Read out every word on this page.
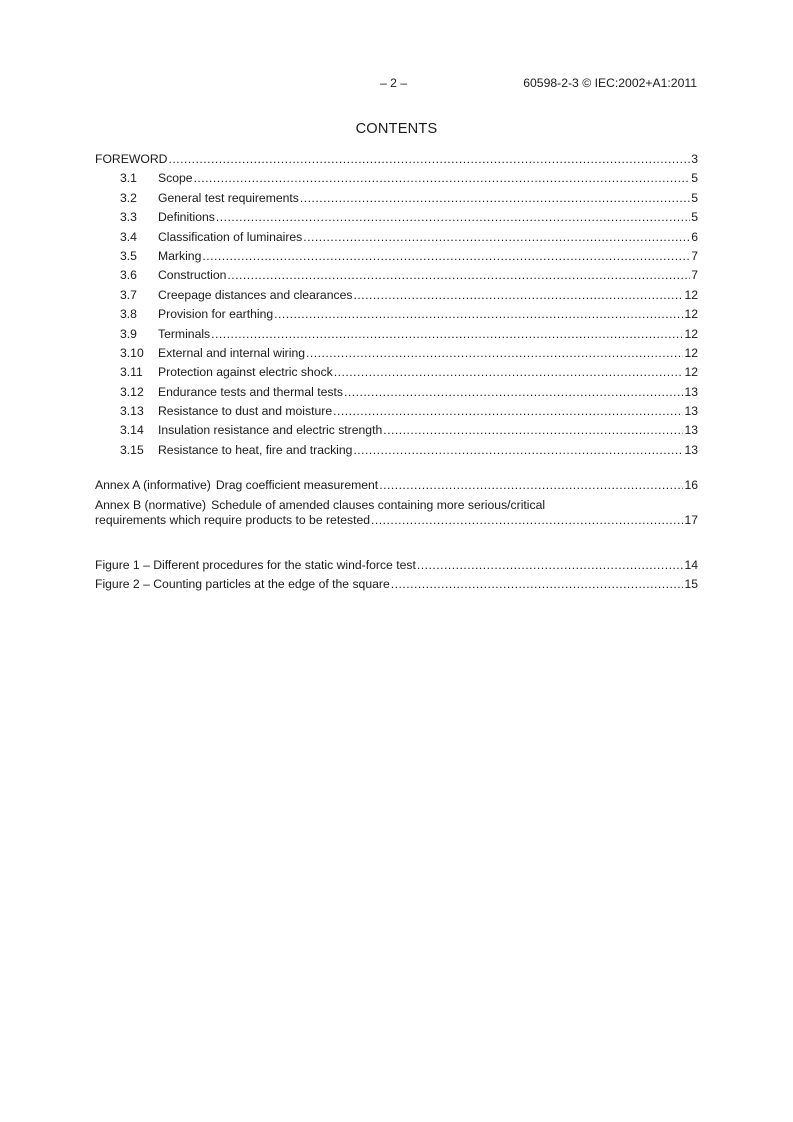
– 2 –	60598-2-3 © IEC:2002+A1:2011
CONTENTS
FOREWORD . . .	3
3.1	Scope . . .	5
3.2	General test requirements . . .	5
3.3	Definitions . . .	5
3.4	Classification of luminaires . . .	6
3.5	Marking . . .	7
3.6	Construction . . .	7
3.7	Creepage distances and clearances . . .	12
3.8	Provision for earthing . . .	12
3.9	Terminals . . .	12
3.10	External and internal wiring . . .	12
3.11	Protection against electric shock . . .	12
3.12	Endurance tests and thermal tests . . .	13
3.13	Resistance to dust and moisture . . .	13
3.14	Insulation resistance and electric strength . . .	13
3.15	Resistance to heat, fire and tracking . . .	13
Annex A (informative) Drag coefficient measurement . . .	16
Annex B (normative) Schedule of amended clauses containing more serious/critical
requirements which require products to be retested . . .	17
Figure 1 – Different procedures for the static wind-force test . . .	14
Figure 2 – Counting particles at the edge of the square . . .	15
